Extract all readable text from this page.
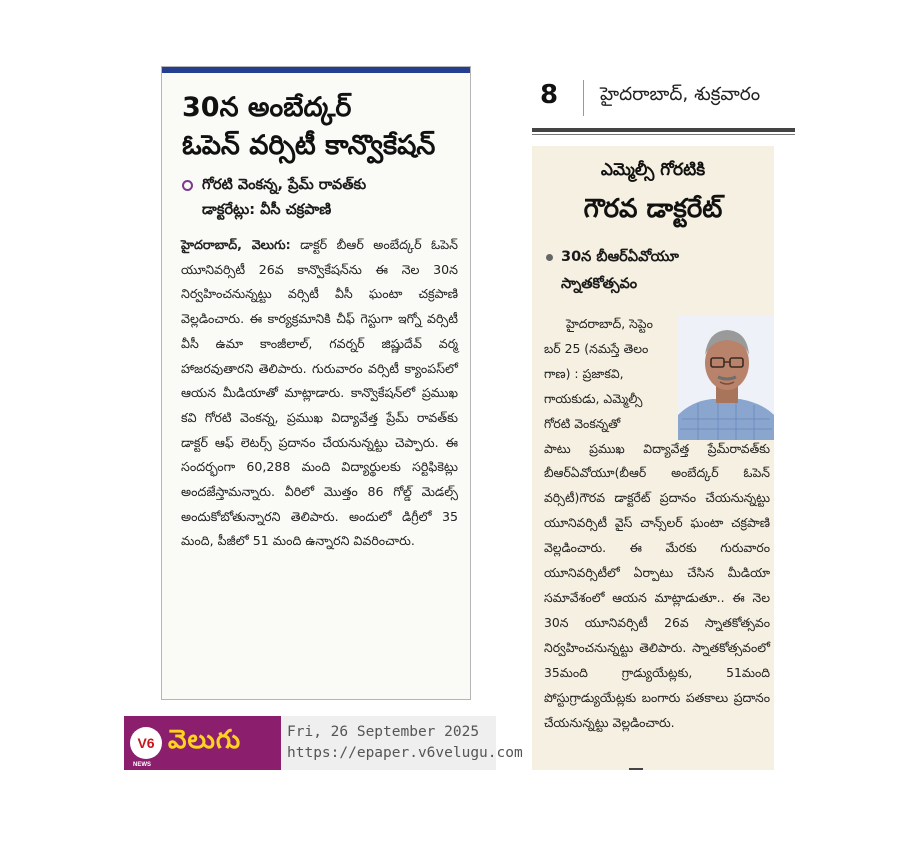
30న అంబేద్కర్
ఓపెన్ వర్సిటీ కాన్వొకేషన్
గోరటి వెంకన్న, ప్రేమ్ రావత్‌కు
డాక్టరేట్లు: వీసీ చక్రపాణి
హైదరాబాద్, వెలుగు: డాక్టర్ బీఆర్ అంబేద్కర్ ఓపెన్ యూనివర్సిటీ 26వ కాన్వొకేషన్‌ను ఈ నెల 30న నిర్వహించనున్నట్టు వర్సిటీ వీసీ ఘంటా చక్రపాణి వెల్లడించారు. ఈ కార్యక్రమానికి చీఫ్ గెస్టుగా ఇగ్నో వర్సిటీ వీసీ ఉమా కాంజీలాల్, గవర్నర్ జిష్ణుదేవ్ వర్మ హాజరవుతారని తెలిపారు. గురువారం వర్సిటీ క్యాంపస్‌లో ఆయన మీడియాతో మాట్లాడారు. కాన్వొకేషన్‌లో ప్రముఖ కవి గోరటి వెంకన్న, ప్రముఖ విద్యావేత్త ప్రేమ్ రావత్‌కు డాక్టర్ ఆఫ్ లెటర్స్ ప్రదానం చేయనున్నట్టు చెప్పారు. ఈ సందర్భంగా 60,288 మంది విద్యార్థులకు సర్టిఫికెట్లు అందజేస్తామన్నారు. వీరిలో మొత్తం 86 గోల్డ్ మెడల్స్ అందుకోబోతున్నారని తెలిపారు. అందులో డిగ్రీలో 35 మంది, పీజీలో 51 మంది ఉన్నారని వివరించారు.
V6
NEWS
వెలుగు	Fri, 26 September 2025
https://epaper.v6velugu.com
8 హైదరాబాద్, శుక్రవారం
ఎమ్మెల్సీ గోరటికి
గౌరవ డాక్టరేట్
30న బీఆర్ఏవోయూ
స్నాతకోత్సవం
హైదరాబాద్, సెప్టెం
బర్ 25 (నమస్తే తెలం
గాణ) : ప్రజాకవి,
గాయకుడు, ఎమ్మెల్సీ
గోరటి వెంకన్నతో
పాటు ప్రముఖ విద్యావేత్త ప్రేమ్‌రావత్‌కు బీఆర్ఏవోయూ(బీఆర్ అంబేద్కర్ ఓపెన్ వర్సిటీ)గౌరవ డాక్టరేట్ ప్రదానం చేయనున్నట్టు యూనివర్సిటీ వైస్ చాన్స్‌లర్ ఘంటా చక్రపాణి వెల్లడించారు. ఈ మేరకు గురువారం యూనివర్సిటీలో ఏర్పాటు చేసిన మీడియా సమావేశంలో ఆయన మాట్లాడుతూ.. ఈ నెల 30న యూనివర్సిటీ 26వ స్నాతకోత్సవం నిర్వహించనున్నట్టు తెలిపారు. స్నాతకోత్సవంలో 35మంది గ్రాడ్యుయేట్లకు, 51మంది పోస్టుగ్రాడ్యుయేట్లకు బంగారు పతకాలు ప్రదానం చేయనున్నట్టు వెల్లడించారు.
